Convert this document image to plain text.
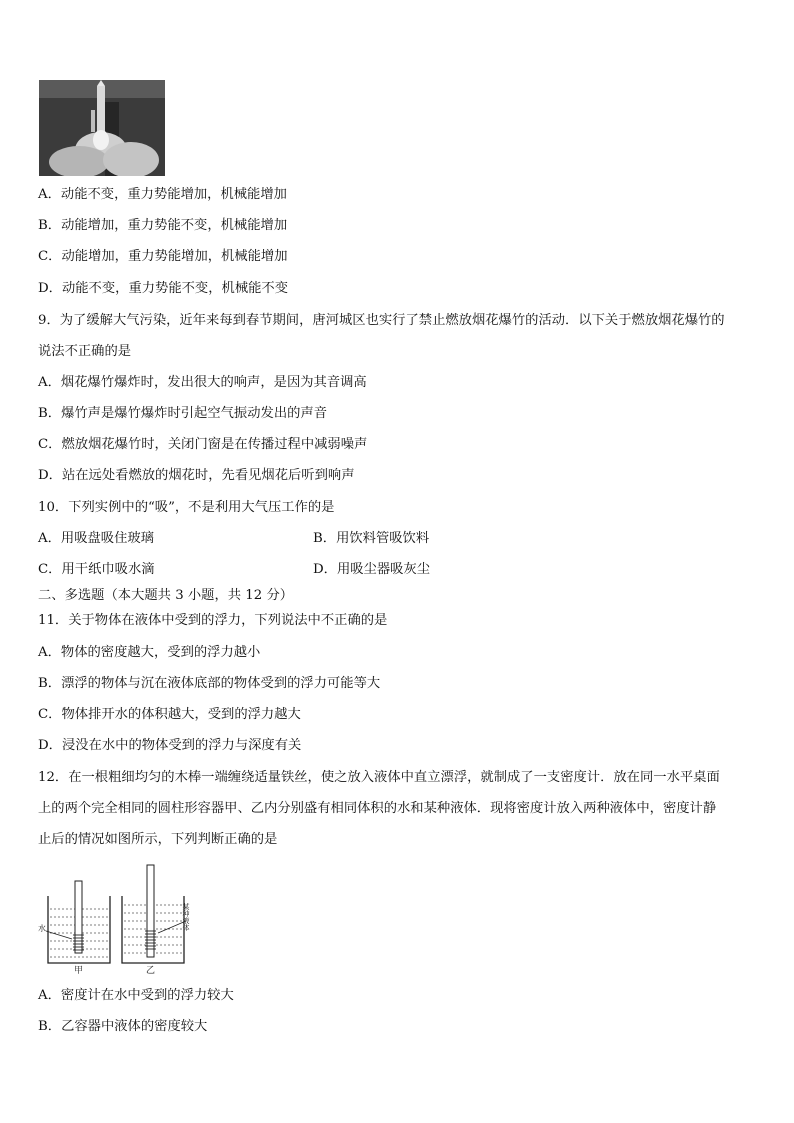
A．动能不变，重力势能增加，机械能增加
B．动能增加，重力势能不变，机械能增加
C．动能增加，重力势能增加，机械能增加
D．动能不变，重力势能不变，机械能不变
9．为了缓解大气污染，近年来每到春节期间，唐河城区也实行了禁止燃放烟花爆竹的活动．以下关于燃放烟花爆竹的
说法不正确的是
A．烟花爆竹爆炸时，发出很大的响声，是因为其音调高
B．爆竹声是爆竹爆炸时引起空气振动发出的声音
C．燃放烟花爆竹时，关闭门窗是在传播过程中减弱噪声
D．站在远处看燃放的烟花时，先看见烟花后听到响声
10．下列实例中的“吸”，不是利用大气压工作的是
A．用吸盘吸住玻璃	B．用饮料管吸饮料
C．用干纸巾吸水滴	D．用吸尘器吸灰尘
二、多选题（本大题共 3 小题，共 12 分）
11．关于物体在液体中受到的浮力，下列说法中不正确的是
A．物体的密度越大，受到的浮力越小
B．漂浮的物体与沉在液体底部的物体受到的浮力可能等大
C．物体排开水的体积越大，受到的浮力越大
D．浸没在水中的物体受到的浮力与深度有关
12．在一根粗细均匀的木棒一端缠绕适量铁丝，使之放入液体中直立漂浮，就制成了一支密度计．放在同一水平桌面
上的两个完全相同的圆柱形容器甲、乙内分别盛有相同体积的水和某种液体．现将密度计放入两种液体中，密度计静
止后的情况如图所示，下列判断正确的是
水
甲
某种液体
乙
A．密度计在水中受到的浮力较大
B．乙容器中液体的密度较大
